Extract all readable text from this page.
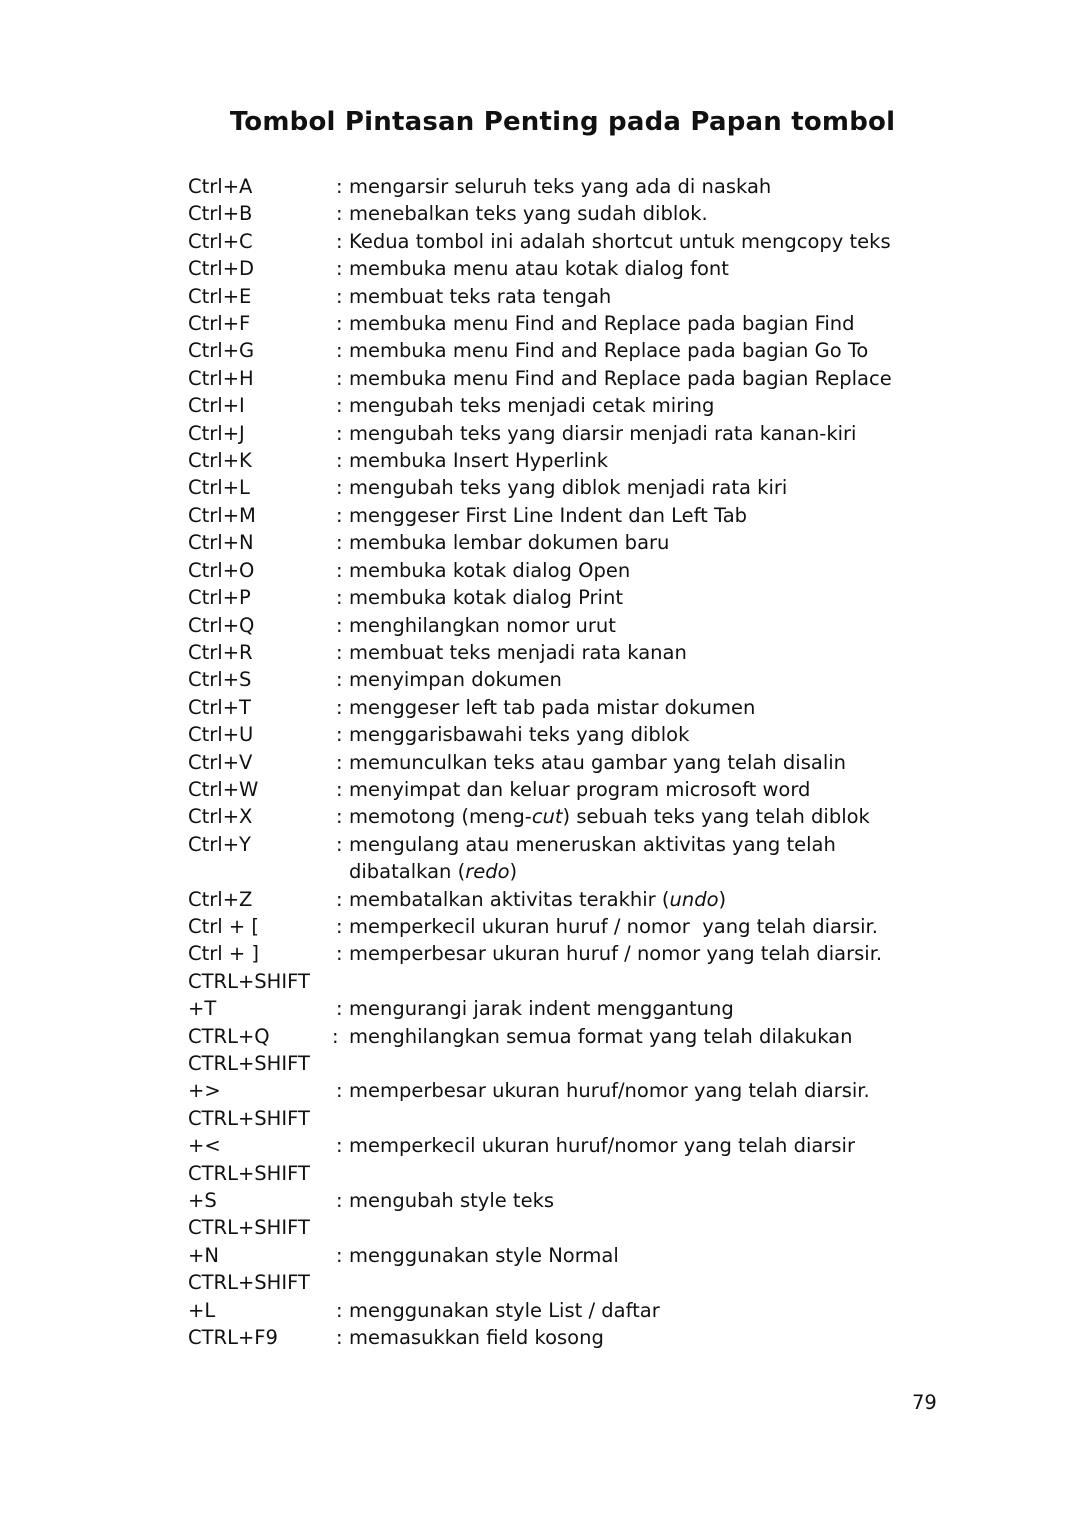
Tombol Pintasan Penting pada Papan tombol
Ctrl+A	: mengarsir seluruh teks yang ada di naskah
Ctrl+B	: menebalkan teks yang sudah diblok.
Ctrl+C	: Kedua tombol ini adalah shortcut untuk mengcopy teks
Ctrl+D	: membuka menu atau kotak dialog font
Ctrl+E	: membuat teks rata tengah
Ctrl+F	: membuka menu Find and Replace pada bagian Find
Ctrl+G	: membuka menu Find and Replace pada bagian Go To
Ctrl+H	: membuka menu Find and Replace pada bagian Replace
Ctrl+I	: mengubah teks menjadi cetak miring
Ctrl+J	: mengubah teks yang diarsir menjadi rata kanan-kiri
Ctrl+K	: membuka Insert Hyperlink
Ctrl+L	: mengubah teks yang diblok menjadi rata kiri
Ctrl+M	: menggeser First Line Indent dan Left Tab
Ctrl+N	: membuka lembar dokumen baru
Ctrl+O	: membuka kotak dialog Open
Ctrl+P	: membuka kotak dialog Print
Ctrl+Q	: menghilangkan nomor urut
Ctrl+R	: membuat teks menjadi rata kanan
Ctrl+S	: menyimpan dokumen
Ctrl+T	: menggeser left tab pada mistar dokumen
Ctrl+U	: menggarisbawahi teks yang diblok
Ctrl+V	: memunculkan teks atau gambar yang telah disalin
Ctrl+W	: menyimpat dan keluar program microsoft word
Ctrl+X	: memotong (meng-cut) sebuah teks yang telah diblok
Ctrl+Y	: mengulang atau meneruskan aktivitas yang telah
dibatalkan (redo)
Ctrl+Z	: membatalkan aktivitas terakhir (undo)
Ctrl + [	: memperkecil ukuran huruf / nomor  yang telah diarsir.
Ctrl + ]	: memperbesar ukuran huruf / nomor yang telah diarsir.
CTRL+SHIFT
+T	: mengurangi jarak indent menggantung
CTRL+Q	: menghilangkan semua format yang telah dilakukan
CTRL+SHIFT
+>	: memperbesar ukuran huruf/nomor yang telah diarsir.
CTRL+SHIFT
+<	: memperkecil ukuran huruf/nomor yang telah diarsir
CTRL+SHIFT
+S	: mengubah style teks
CTRL+SHIFT
+N	: menggunakan style Normal
CTRL+SHIFT
+L	: menggunakan style List / daftar
CTRL+F9	: memasukkan field kosong
79
